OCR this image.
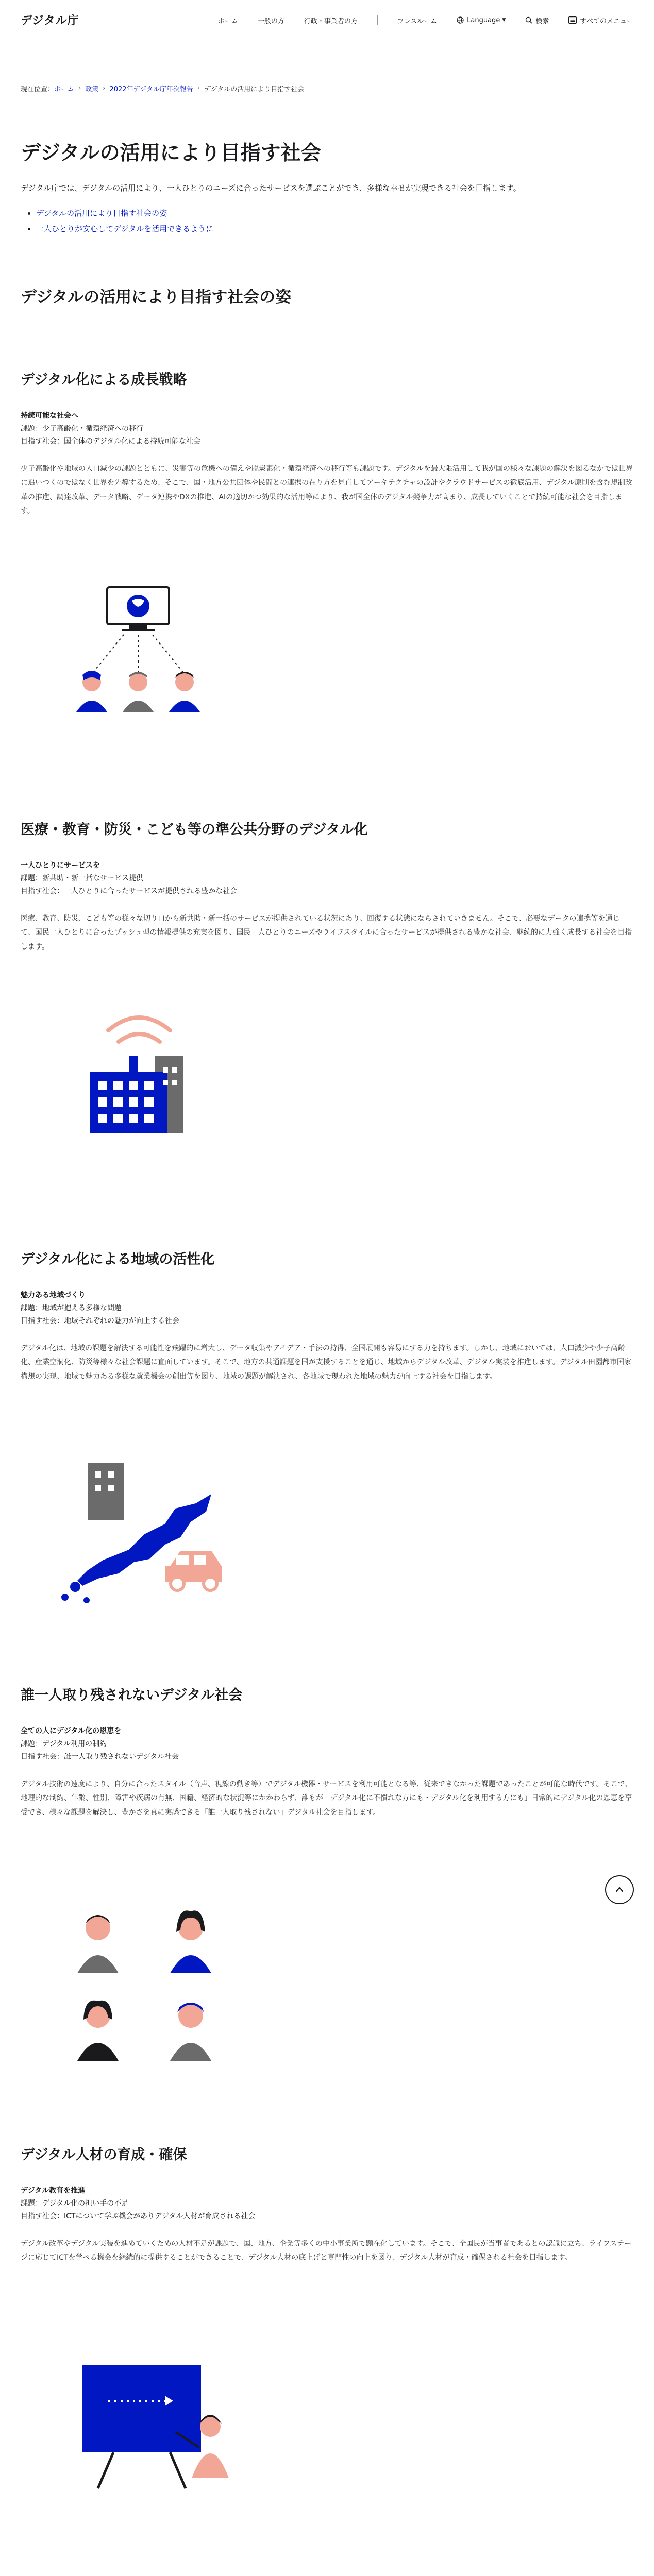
デジタル庁	ホーム	一般の方	行政・事業者の方	プレスルーム	Language ▼	検索	すべてのメニュー
現在位置： ホーム › 政策 › 2022年デジタル庁年次報告 › デジタルの活用により目指す社会
デジタルの活用により目指す社会

デジタル庁では、デジタルの活用により、一人ひとりのニーズに合ったサービスを選ぶことができ、多様な幸せが実現できる社会を目指します。

• デジタルの活用により目指す社会の姿
• 一人ひとりが安心してデジタルを活用できるように
デジタルの活用により目指す社会の姿
デジタル化による成長戦略
持続可能な社会へ
課題：少子高齢化・循環経済への移行
目指す社会：国全体のデジタル化による持続可能な社会

少子高齢化や地域の人口減少の課題とともに、災害等の危機への備えや脱炭素化・循環経済への移行等も課題です。デジタルを最大限活用して我が国の様々な課題の解決を図るなかでは世界に追いつくのではなく世界を先導するため、そこで、国・地方公共団体や民間との連携の在り方を見直してアーキテクチャの設計やクラウドサービスの徹底活用、デジタル原則を含む規制改革の推進、調達改革、データ戦略、データ連携やDXの推進、AIの適切かつ効果的な活用等により、我が国全体のデジタル競争力が高まり、成長していくことで持続可能な社会を目指します。

医療・教育・防災・こども等の準公共分野のデジタル化
一人ひとりにサービスを
課題：新共助・新一括なサービス提供
目指す社会：一人ひとりに合ったサービスが提供される豊かな社会

医療、教育、防災、こども等の様々な切り口から新共助・新一括のサービスが提供されている状況にあり、回復する状態にならされていきません。そこで、必要なデータの連携等を通じて、国民一人ひとりに合ったプッシュ型の情報提供の充実を図り、国民一人ひとりのニーズやライフスタイルに合ったサービスが提供される豊かな社会、継続的に力強く成長する社会を目指します。

デジタル化による地域の活性化
魅力ある地域づくり
課題：地域が抱える多様な問題
目指す社会：地域それぞれの魅力が向上する社会

デジタル化は、地域の課題を解決する可能性を飛躍的に増大し、データ収集やアイデア・手法の持得、全国展開も容易にする力を持ちます。しかし、地域においては、人口減少や少子高齢化、産業空洞化、防災等様々な社会課題に直面しています。そこで、地方の共通課題を国が支援することを通じ、地域からデジタル改革、デジタル実装を推進します。デジタル田園都市国家構想の実現、地域で魅力ある多様な就業機会の創出等を図り、地域の課題が解決され、各地域で現われた地域の魅力が向上する社会を目指します。

誰一人取り残されないデジタル社会
全ての人にデジタル化の恩恵を
課題：デジタル利用の制約
目指す社会：誰一人取り残されないデジタル社会

デジタル技術の速度により、自分に合ったスタイル（音声、視線の動き等）でデジタル機器・サービスを利用可能となる等、従来できなかった課題であったことが可能な時代です。そこで、地理的な制約、年齢、性別、障害や疾病の有無、国籍、経済的な状況等にかかわらず、誰もが「デジタル化に不慣れな方にも・デジタル化を利用する方にも」日常的にデジタル化の恩恵を享受でき、様々な課題を解決し、豊かさを真に実感できる「誰一人取り残されない」デジタル社会を目指します。

デジタル人材の育成・確保
デジタル教育を推進
課題：デジタル化の担い手の不足
目指す社会：ICTについて学ぶ機会がありデジタル人材が育成される社会

デジタル改革やデジタル実装を進めていくための人材不足が課題で、国、地方、企業等多くの中小事業所で顕在化しています。そこで、全国民が当事者であるとの認識に立ち、ライフステージに応じてICTを学べる機会を継続的に提供することができることで、デジタル人材の底上げと専門性の向上を図り、デジタル人材が育成・確保される社会を目指します。
